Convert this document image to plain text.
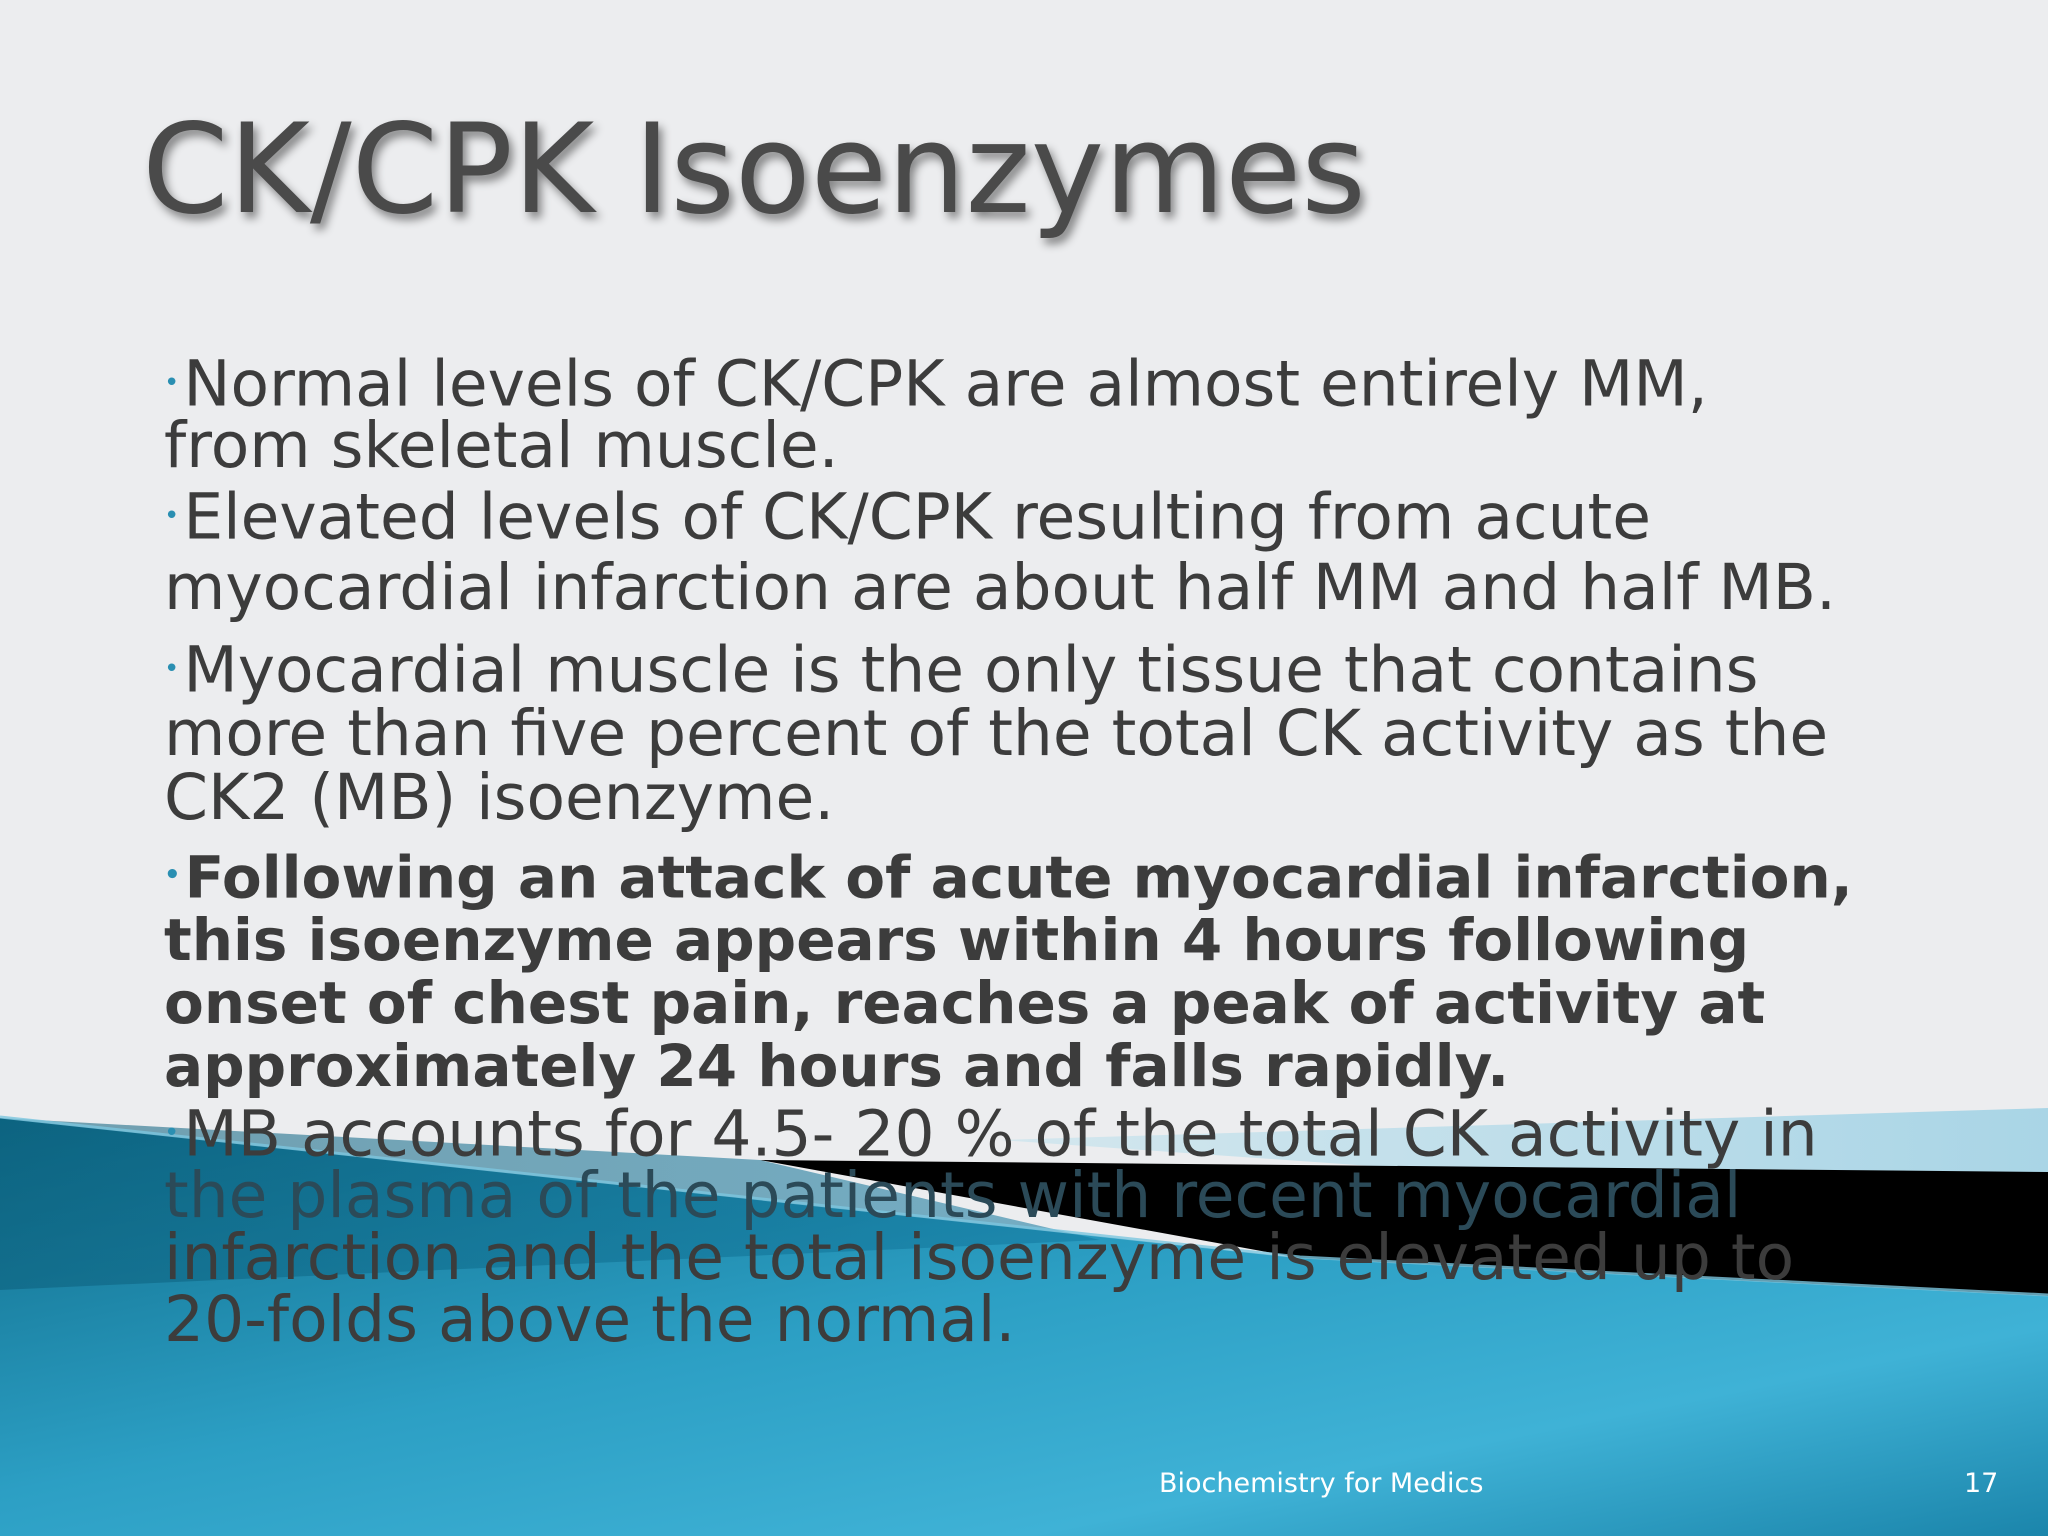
CK/CPK Isoenzymes
•Normal levels of CK/CPK are almost entirely MM,
from skeletal muscle.
•Elevated levels of CK/CPK resulting from acute
myocardial infarction are about half MM and half MB.
•Myocardial muscle is the only tissue that contains
more than five percent of the total CK activity as the
CK2 (MB) isoenzyme.
•Following an attack of acute myocardial infarction,
this isoenzyme appears within 4 hours following
onset of chest pain, reaches a peak of activity at
approximately 24 hours and falls rapidly.
•MB accounts for 4.5- 20 % of the total CK activity in
the plasma of the patients with recent myocardial
infarction and the total isoenzyme is elevated up to
20-folds above the normal.
Biochemistry for Medics	17
